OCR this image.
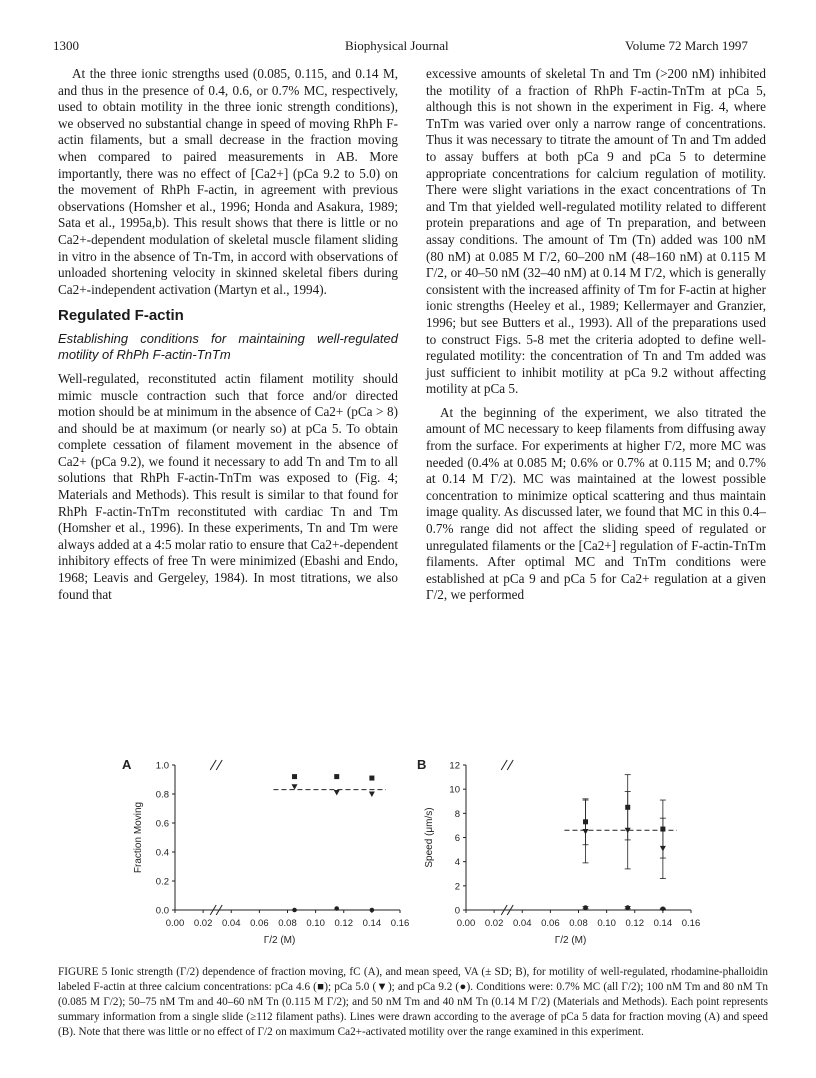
1300	Biophysical Journal	Volume 72 March 1997

At the three ionic strengths used (0.085, 0.115, and 0.14 M, and thus in the presence of 0.4, 0.6, or 0.7% MC, respectively, used to obtain motility in the three ionic strength conditions), we observed no substantial change in speed of moving RhPh F-actin filaments, but a small decrease in the fraction moving when compared to paired measurements in AB. More importantly, there was no effect of [Ca2+] (pCa 9.2 to 5.0) on the movement of RhPh F-actin, in agreement with previous observations (Homsher et al., 1996; Honda and Asakura, 1989; Sata et al., 1995a,b). This result shows that there is little or no Ca2+-dependent modulation of skeletal muscle filament sliding in vitro in the absence of Tn-Tm, in accord with observations of unloaded shortening velocity in skinned skeletal fibers during Ca2+-independent activation (Martyn et al., 1994).

Regulated F-actin
Establishing conditions for maintaining well-regulated motility of RhPh F-actin-TnTm

Well-regulated, reconstituted actin filament motility should mimic muscle contraction such that force and/or directed motion should be at minimum in the absence of Ca2+ (pCa > 8) and should be at maximum (or nearly so) at pCa 5. To obtain complete cessation of filament movement in the absence of Ca2+ (pCa 9.2), we found it necessary to add Tn and Tm to all solutions that RhPh F-actin-TnTm was exposed to (Fig. 4; Materials and Methods). This result is similar to that found for RhPh F-actin-TnTm reconstituted with cardiac Tn and Tm (Homsher et al., 1996). In these experiments, Tn and Tm were always added at a 4:5 molar ratio to ensure that Ca2+-dependent inhibitory effects of free Tn were minimized (Ebashi and Endo, 1968; Leavis and Gergeley, 1984). In most titrations, we also found that

excessive amounts of skeletal Tn and Tm (>200 nM) inhibited the motility of a fraction of RhPh F-actin-TnTm at pCa 5, although this is not shown in the experiment in Fig. 4, where TnTm was varied over only a narrow range of concentrations. Thus it was necessary to titrate the amount of Tn and Tm added to assay buffers at both pCa 9 and pCa 5 to determine appropriate concentrations for calcium regulation of motility. There were slight variations in the exact concentrations of Tn and Tm that yielded well-regulated motility related to different protein preparations and age of Tn preparation, and between assay conditions. The amount of Tm (Tn) added was 100 nM (80 nM) at 0.085 M Γ/2, 60–200 nM (48–160 nM) at 0.115 M Γ/2, or 40–50 nM (32–40 nM) at 0.14 M Γ/2, which is generally consistent with the increased affinity of Tm for F-actin at higher ionic strengths (Heeley et al., 1989; Kellermayer and Granzier, 1996; but see Butters et al., 1993). All of the preparations used to construct Figs. 5-8 met the criteria adopted to define well-regulated motility: the concentration of Tn and Tm added was just sufficient to inhibit motility at pCa 9.2 without affecting motility at pCa 5.

At the beginning of the experiment, we also titrated the amount of MC necessary to keep filaments from diffusing away from the surface. For experiments at higher Γ/2, more MC was needed (0.4% at 0.085 M; 0.6% or 0.7% at 0.115 M; and 0.7% at 0.14 M Γ/2). MC was maintained at the lowest possible concentration to minimize optical scattering and thus maintain image quality. As discussed later, we found that MC in this 0.4–0.7% range did not affect the sliding speed of regulated or unregulated filaments or the [Ca2+] regulation of F-actin-TnTm filaments. After optimal MC and TnTm conditions were established at pCa 9 and pCa 5 for Ca2+ regulation at a given Γ/2, we performed

A
0.00 0.02 0.04 0.06 0.08 0.10 0.12 0.14 0.16
0.0
0.2
0.4
0.6
0.8
1.0
Γ/2 (M)
Fraction Moving
B
0.00 0.02 0.04 0.06 0.08 0.10 0.12 0.14 0.16
0
2
4
6
8
10
12
Γ/2 (M)
Speed (μm/s)
FIGURE 5 Ionic strength (Γ/2) dependence of fraction moving, fC (A), and mean speed, VA (± SD; B), for motility of well-regulated, rhodamine-phalloidin labeled F-actin at three calcium concentrations: pCa 4.6 (■); pCa 5.0 (▼); and pCa 9.2 (●). Conditions were: 0.7% MC (all Γ/2); 100 nM Tm and 80 nM Tn (0.085 M Γ/2); 50–75 nM Tm and 40–60 nM Tn (0.115 M Γ/2); and 50 nM Tm and 40 nM Tn (0.14 M Γ/2) (Materials and Methods). Each point represents summary information from a single slide (≥112 filament paths). Lines were drawn according to the average of pCa 5 data for fraction moving (A) and speed (B). Note that there was little or no effect of Γ/2 on maximum Ca2+-activated motility over the range examined in this experiment.
